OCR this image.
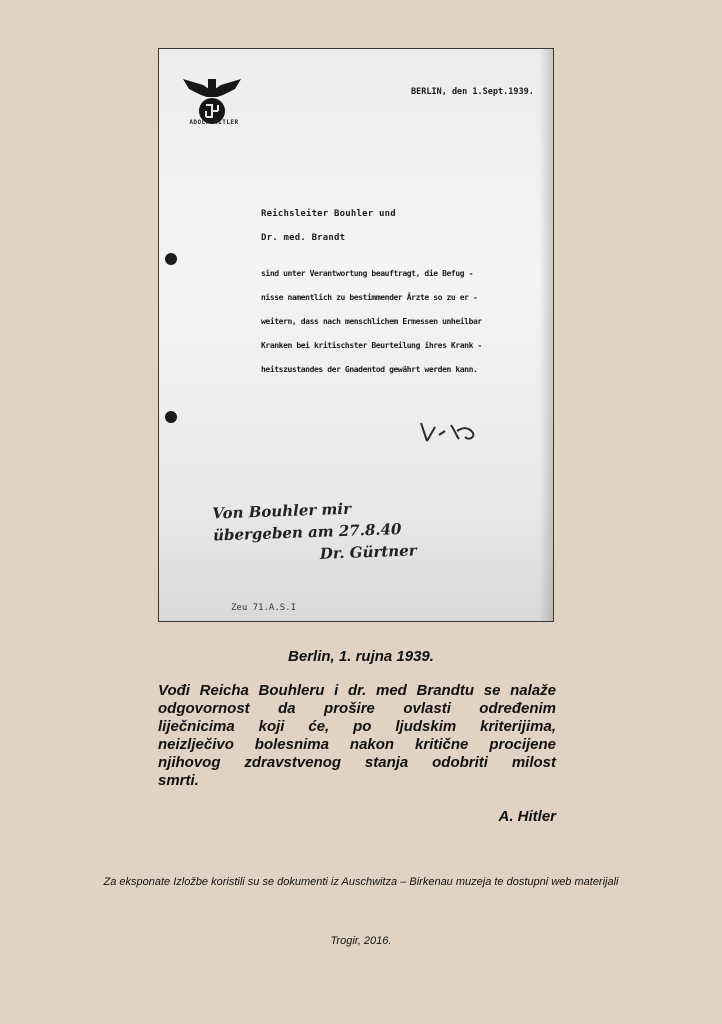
ADOLF HITLER
BERLIN, den 1.Sept.1939.
Reichsleiter Bouhler und
Dr. med. Brandt
sind unter Verantwortung beauftragt, die Befug -
nisse namentlich zu bestimmender Ärzte so zu er -
weitern, dass nach menschlichem Ermessen unheilbar
Kranken bei kritischster Beurteilung ihres Krank -
heitszustandes der Gnadentod gewährt werden kann.
Von Bouhler mir
übergeben am 27.8.40
Dr. Gürtner
Zeu 71.A.S.I
Berlin, 1. rujna 1939.
Vođi Reicha Bouhleru i dr. med Brandtu se nalaže
odgovornost da prošire ovlasti određenim
liječnicima koji će, po ljudskim kriterijima,
neizlječivo bolesnima nakon kritične procijene
njihovog zdravstvenog stanja odobriti milost
smrti.
A. Hitler
Za eksponate Izložbe koristili su se dokumenti iz Auschwitza – Birkenau muzeja te dostupni web materijali
Trogir, 2016.
